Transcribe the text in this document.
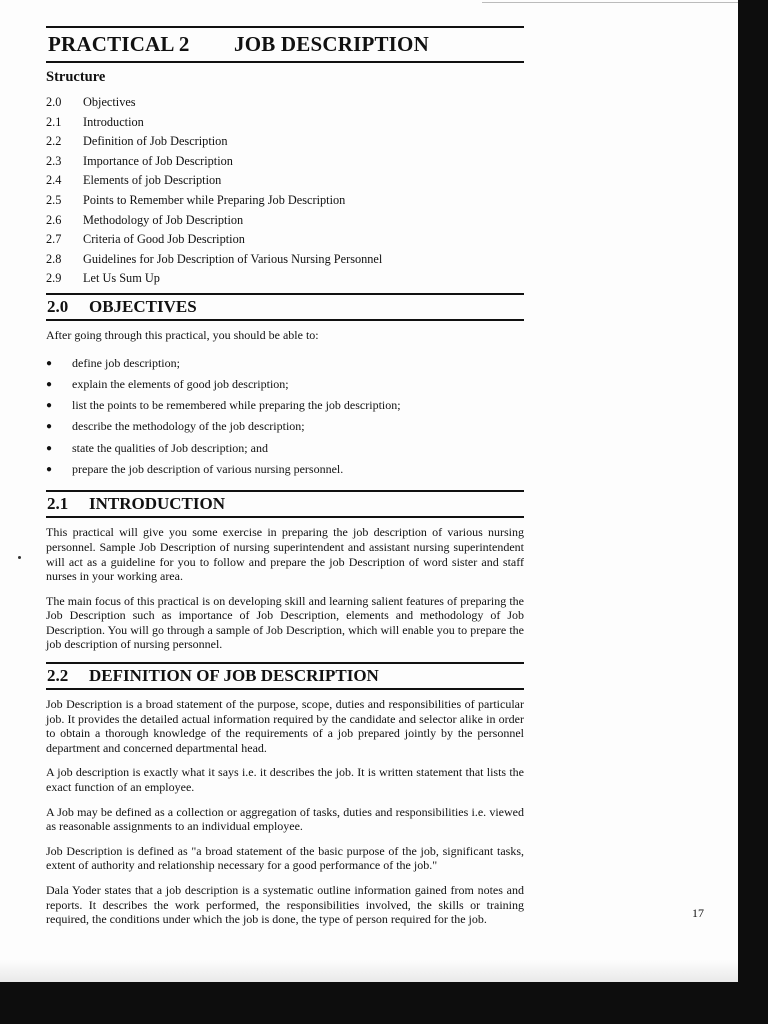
PRACTICAL 2	JOB DESCRIPTION
Structure
2.0	Objectives
2.1	Introduction
2.2	Definition of Job Description
2.3	Importance of Job Description
2.4	Elements of job Description
2.5	Points to Remember while Preparing Job Description
2.6	Methodology of Job Description
2.7	Criteria of Good Job Description
2.8	Guidelines for Job Description of Various Nursing Personnel
2.9	Let Us Sum Up
2.0	OBJECTIVES

After going through this practical, you should be able to:

●	define job description;
●	explain the elements of good job description;
●	list the points to be remembered while preparing the job description;
●	describe the methodology of the job description;
●	state the qualities of Job description; and
●	prepare the job description of various nursing personnel.
2.1	INTRODUCTION

This practical will give you some exercise in preparing the job description of various nursing personnel. Sample Job Description of nursing superintendent and assistant nursing superintendent will act as a guideline for you to follow and prepare the job Description of word sister and staff nurses in your working area.

The main focus of this practical is on developing skill and learning salient features of preparing the Job Description such as importance of Job Description, elements and methodology of Job Description. You will go through a sample of Job Description, which will enable you to prepare the job description of nursing personnel.

2.2	DEFINITION OF JOB DESCRIPTION

Job Description is a broad statement of the purpose, scope, duties and responsibilities of particular job. It provides the detailed actual information required by the candidate and selector alike in order to obtain a thorough knowledge of the requirements of a job prepared jointly by the personnel department and concerned departmental head.

A job description is exactly what it says i.e. it describes the job. It is written statement that lists the exact function of an employee.

A Job may be defined as a collection or aggregation of tasks, duties and responsibilities i.e. viewed as reasonable assignments to an individual employee.

Job Description is defined as "a broad statement of the basic purpose of the job, significant tasks, extent of authority and relationship necessary for a good performance of the job."

Dala Yoder states that a job description is a systematic outline information gained from notes and reports. It describes the work performed, the responsibilities involved, the skills or training required, the conditions under which the job is done, the type of person required for the job.	17
